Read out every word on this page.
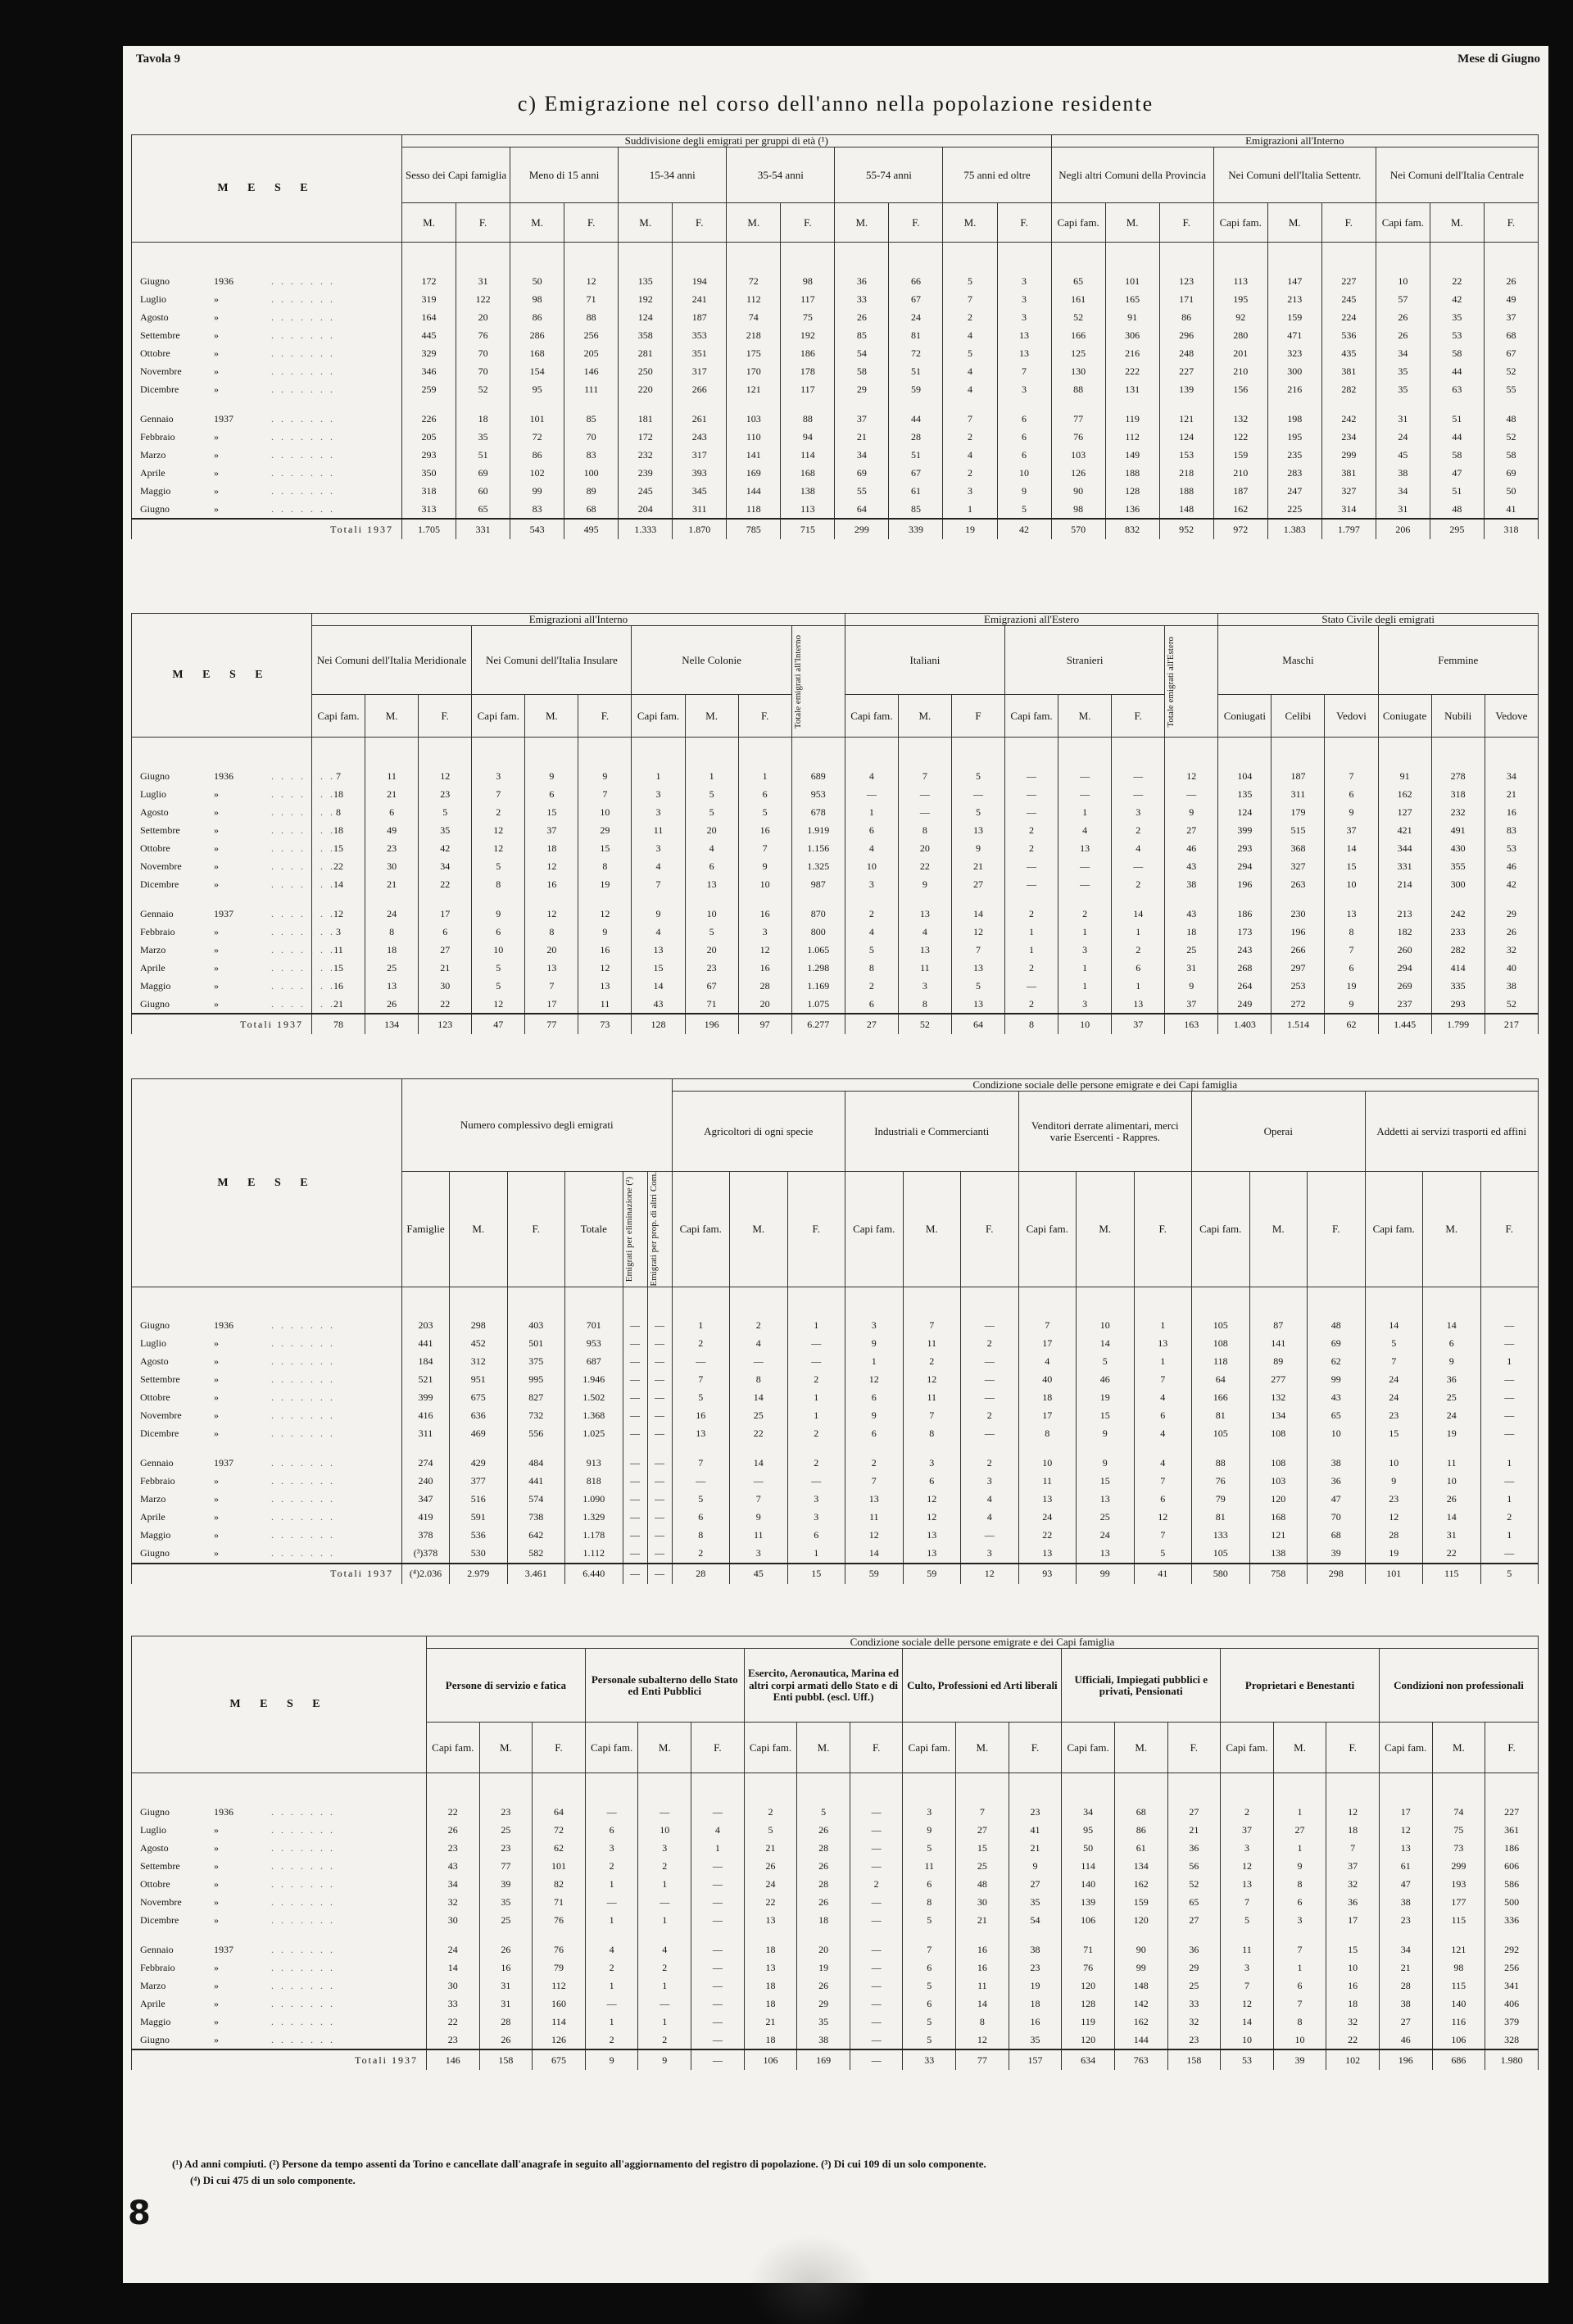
Tavola 9	Mese di Giugno
c) Emigrazione nel corso dell'anno nella popolazione residente
M E S E	Suddivisione degli emigrati per gruppi di età (¹)												Emigrazioni all'Interno								
	Sesso dei Capi famiglia		Meno di 15 anni		15-34 anni		35-54 anni		55-74 anni		75 anni ed oltre		Negli altri Comuni della Provincia			Nei Comuni dell'Italia Settentr.			Nei Comuni dell'Italia Centrale		
	M.	F.	M.	F.	M.	F.	M.	F.	M.	F.	M.	F.	Capi fam.	M.	F.	Capi fam.	M.	F.	Capi fam.	M.	F.

Giugno 1936 . . . . . . .	172	31	50	12	135	194	72	98	36	66	5	3	65	101	123	113	147	227	10	22	26
Luglio » . . . . . . .	319	122	98	71	192	241	112	117	33	67	7	3	161	165	171	195	213	245	57	42	49
Agosto » . . . . . . .	164	20	86	88	124	187	74	75	26	24	2	3	52	91	86	92	159	224	26	35	37
Settembre » . . . . . . .	445	76	286	256	358	353	218	192	85	81	4	13	166	306	296	280	471	536	26	53	68
Ottobre » . . . . . . .	329	70	168	205	281	351	175	186	54	72	5	13	125	216	248	201	323	435	34	58	67
Novembre » . . . . . . .	346	70	154	146	250	317	170	178	58	51	4	7	130	222	227	210	300	381	35	44	52
Dicembre » . . . . . . .	259	52	95	111	220	266	121	117	29	59	4	3	88	131	139	156	216	282	35	63	55

Gennaio 1937 . . . . . . .	226	18	101	85	181	261	103	88	37	44	7	6	77	119	121	132	198	242	31	51	48
Febbraio » . . . . . . .	205	35	72	70	172	243	110	94	21	28	2	6	76	112	124	122	195	234	24	44	52
Marzo » . . . . . . .	293	51	86	83	232	317	141	114	34	51	4	6	103	149	153	159	235	299	45	58	58
Aprile » . . . . . . .	350	69	102	100	239	393	169	168	69	67	2	10	126	188	218	210	283	381	38	47	69
Maggio » . . . . . . .	318	60	99	89	245	345	144	138	55	61	3	9	90	128	188	187	247	327	34	51	50
Giugno » . . . . . . .	313	65	83	68	204	311	118	113	64	85	1	5	98	136	148	162	225	314	31	48	41
Totali 1937	1.705	331	543	495	1.333	1.870	785	715	299	339	19	42	570	832	952	972	1.383	1.797	206	295	318
M E S E	Emigrazioni all'Interno										Emigrazioni all'Estero							Stato Civile degli emigrati					
	Nei Comuni dell'Italia Meridionale			Nei Comuni dell'Italia Insulare			Nelle Colonie			Totale emigrati all'Interno	Italiani			Stranieri			Totale emigrati all'Estero	Maschi			Femmine		
	Capi fam.	M.	F.	Capi fam.	M.	F.	Capi fam.	M.	F.		Capi fam.	M.	F	Capi fam.	M.	F.		Coniugati	Celibi	Vedovi	Coniugate	Nubili	Vedove

Giugno 1936 . . . . . . .	7	11	12	3	9	9	1	1	1	689	4	7	5	—	—	—	12	104	187	7	91	278	34
Luglio » . . . . . . .	18	21	23	7	6	7	3	5	6	953	—	—	—	—	—	—	—	135	311	6	162	318	21
Agosto » . . . . . . .	8	6	5	2	15	10	3	5	5	678	1	—	5	—	1	3	9	124	179	9	127	232	16
Settembre » . . . . . . .	18	49	35	12	37	29	11	20	16	1.919	6	8	13	2	4	2	27	399	515	37	421	491	83
Ottobre » . . . . . . .	15	23	42	12	18	15	3	4	7	1.156	4	20	9	2	13	4	46	293	368	14	344	430	53
Novembre » . . . . . . .	22	30	34	5	12	8	4	6	9	1.325	10	22	21	—	—	—	43	294	327	15	331	355	46
Dicembre » . . . . . . .	14	21	22	8	16	19	7	13	10	987	3	9	27	—	—	2	38	196	263	10	214	300	42

Gennaio 1937 . . . . . . .	12	24	17	9	12	12	9	10	16	870	2	13	14	2	2	14	43	186	230	13	213	242	29
Febbraio » . . . . . . .	3	8	6	6	8	9	4	5	3	800	4	4	12	1	1	1	18	173	196	8	182	233	26
Marzo » . . . . . . .	11	18	27	10	20	16	13	20	12	1.065	5	13	7	1	3	2	25	243	266	7	260	282	32
Aprile » . . . . . . .	15	25	21	5	13	12	15	23	16	1.298	8	11	13	2	1	6	31	268	297	6	294	414	40
Maggio » . . . . . . .	16	13	30	5	7	13	14	67	28	1.169	2	3	5	—	1	1	9	264	253	19	269	335	38
Giugno » . . . . . . .	21	26	22	12	17	11	43	71	20	1.075	6	8	13	2	3	13	37	249	272	9	237	293	52
Totali 1937	78	134	123	47	77	73	128	196	97	6.277	27	52	64	8	10	37	163	1.403	1.514	62	1.445	1.799	217
M E S E	Numero complessivo degli emigrati						Condizione sociale delle persone emigrate e dei Capi famiglia														
							Agricoltori di ogni specie			Industriali e Commercianti			Venditori derrate alimentari, merci varie Esercenti - Rappres.			Operai			Addetti ai servizi trasporti ed affini		
	Famiglie	M.	F.	Totale	Emigrati per eliminazione (²)	Emigrati per prop. di altri Com.	Capi fam.	M.	F.	Capi fam.	M.	F.	Capi fam.	M.	F.	Capi fam.	M.	F.	Capi fam.	M.	F.

Giugno 1936 . . . . . . .	203	298	403	701	—	—	1	2	1	3	7	—	7	10	1	105	87	48	14	14	—
Luglio » . . . . . . .	441	452	501	953	—	—	2	4	—	9	11	2	17	14	13	108	141	69	5	6	—
Agosto » . . . . . . .	184	312	375	687	—	—	—	—	—	1	2	—	4	5	1	118	89	62	7	9	1
Settembre » . . . . . . .	521	951	995	1.946	—	—	7	8	2	12	12	—	40	46	7	64	277	99	24	36	—
Ottobre » . . . . . . .	399	675	827	1.502	—	—	5	14	1	6	11	—	18	19	4	166	132	43	24	25	—
Novembre » . . . . . . .	416	636	732	1.368	—	—	16	25	1	9	7	2	17	15	6	81	134	65	23	24	—
Dicembre » . . . . . . .	311	469	556	1.025	—	—	13	22	2	6	8	—	8	9	4	105	108	10	15	19	—

Gennaio 1937 . . . . . . .	274	429	484	913	—	—	7	14	2	2	3	2	10	9	4	88	108	38	10	11	1
Febbraio » . . . . . . .	240	377	441	818	—	—	—	—	—	7	6	3	11	15	7	76	103	36	9	10	—
Marzo » . . . . . . .	347	516	574	1.090	—	—	5	7	3	13	12	4	13	13	6	79	120	47	23	26	1
Aprile » . . . . . . .	419	591	738	1.329	—	—	6	9	3	11	12	4	24	25	12	81	168	70	12	14	2
Maggio » . . . . . . .	378	536	642	1.178	—	—	8	11	6	12	13	—	22	24	7	133	121	68	28	31	1
Giugno » . . . . . . .	(³)378	530	582	1.112	—	—	2	3	1	14	13	3	13	13	5	105	138	39	19	22	—
Totali 1937	(⁴)2.036	2.979	3.461	6.440	—	—	28	45	15	59	59	12	93	99	41	580	758	298	101	115	5
M E S E	Condizione sociale delle persone emigrate e dei Capi famiglia																				
	Persone di servizio e fatica			Personale subalterno dello Stato ed Enti Pubblici			Esercito, Aeronautica, Marina ed altri corpi armati dello Stato e di Enti pubbl. (escl. Uff.)			Culto, Professioni ed Arti liberali			Ufficiali, Impiegati pubblici e privati, Pensionati			Proprietari e Benestanti			Condizioni non professionali		
	Capi fam.	M.	F.	Capi fam.	M.	F.	Capi fam.	M.	F.	Capi fam.	M.	F.	Capi fam.	M.	F.	Capi fam.	M.	F.	Capi fam.	M.	F.

Giugno 1936 . . . . . . .	22	23	64	—	—	—	2	5	—	3	7	23	34	68	27	2	1	12	17	74	227
Luglio » . . . . . . .	26	25	72	6	10	4	5	26	—	9	27	41	95	86	21	37	27	18	12	75	361
Agosto » . . . . . . .	23	23	62	3	3	1	21	28	—	5	15	21	50	61	36	3	1	7	13	73	186
Settembre » . . . . . . .	43	77	101	2	2	—	26	26	—	11	25	9	114	134	56	12	9	37	61	299	606
Ottobre » . . . . . . .	34	39	82	1	1	—	24	28	2	6	48	27	140	162	52	13	8	32	47	193	586
Novembre » . . . . . . .	32	35	71	—	—	—	22	26	—	8	30	35	139	159	65	7	6	36	38	177	500
Dicembre » . . . . . . .	30	25	76	1	1	—	13	18	—	5	21	54	106	120	27	5	3	17	23	115	336

Gennaio 1937 . . . . . . .	24	26	76	4	4	—	18	20	—	7	16	38	71	90	36	11	7	15	34	121	292
Febbraio » . . . . . . .	14	16	79	2	2	—	13	19	—	6	16	23	76	99	29	3	1	10	21	98	256
Marzo » . . . . . . .	30	31	112	1	1	—	18	26	—	5	11	19	120	148	25	7	6	16	28	115	341
Aprile » . . . . . . .	33	31	160	—	—	—	18	29	—	6	14	18	128	142	33	12	7	18	38	140	406
Maggio » . . . . . . .	22	28	114	1	1	—	21	35	—	5	8	16	119	162	32	14	8	32	27	116	379
Giugno » . . . . . . .	23	26	126	2	2	—	18	38	—	5	12	35	120	144	23	10	10	22	46	106	328
Totali 1937	146	158	675	9	9	—	106	169	—	33	77	157	634	763	158	53	39	102	196	686	1.980
(¹) Ad anni compiuti. (²) Persone da tempo assenti da Torino e cancellate dall'anagrafe in seguito all'aggiornamento del registro di popolazione. (³) Di cui 109 di un solo componente.
(⁴) Di cui 475 di un solo componente.
8
